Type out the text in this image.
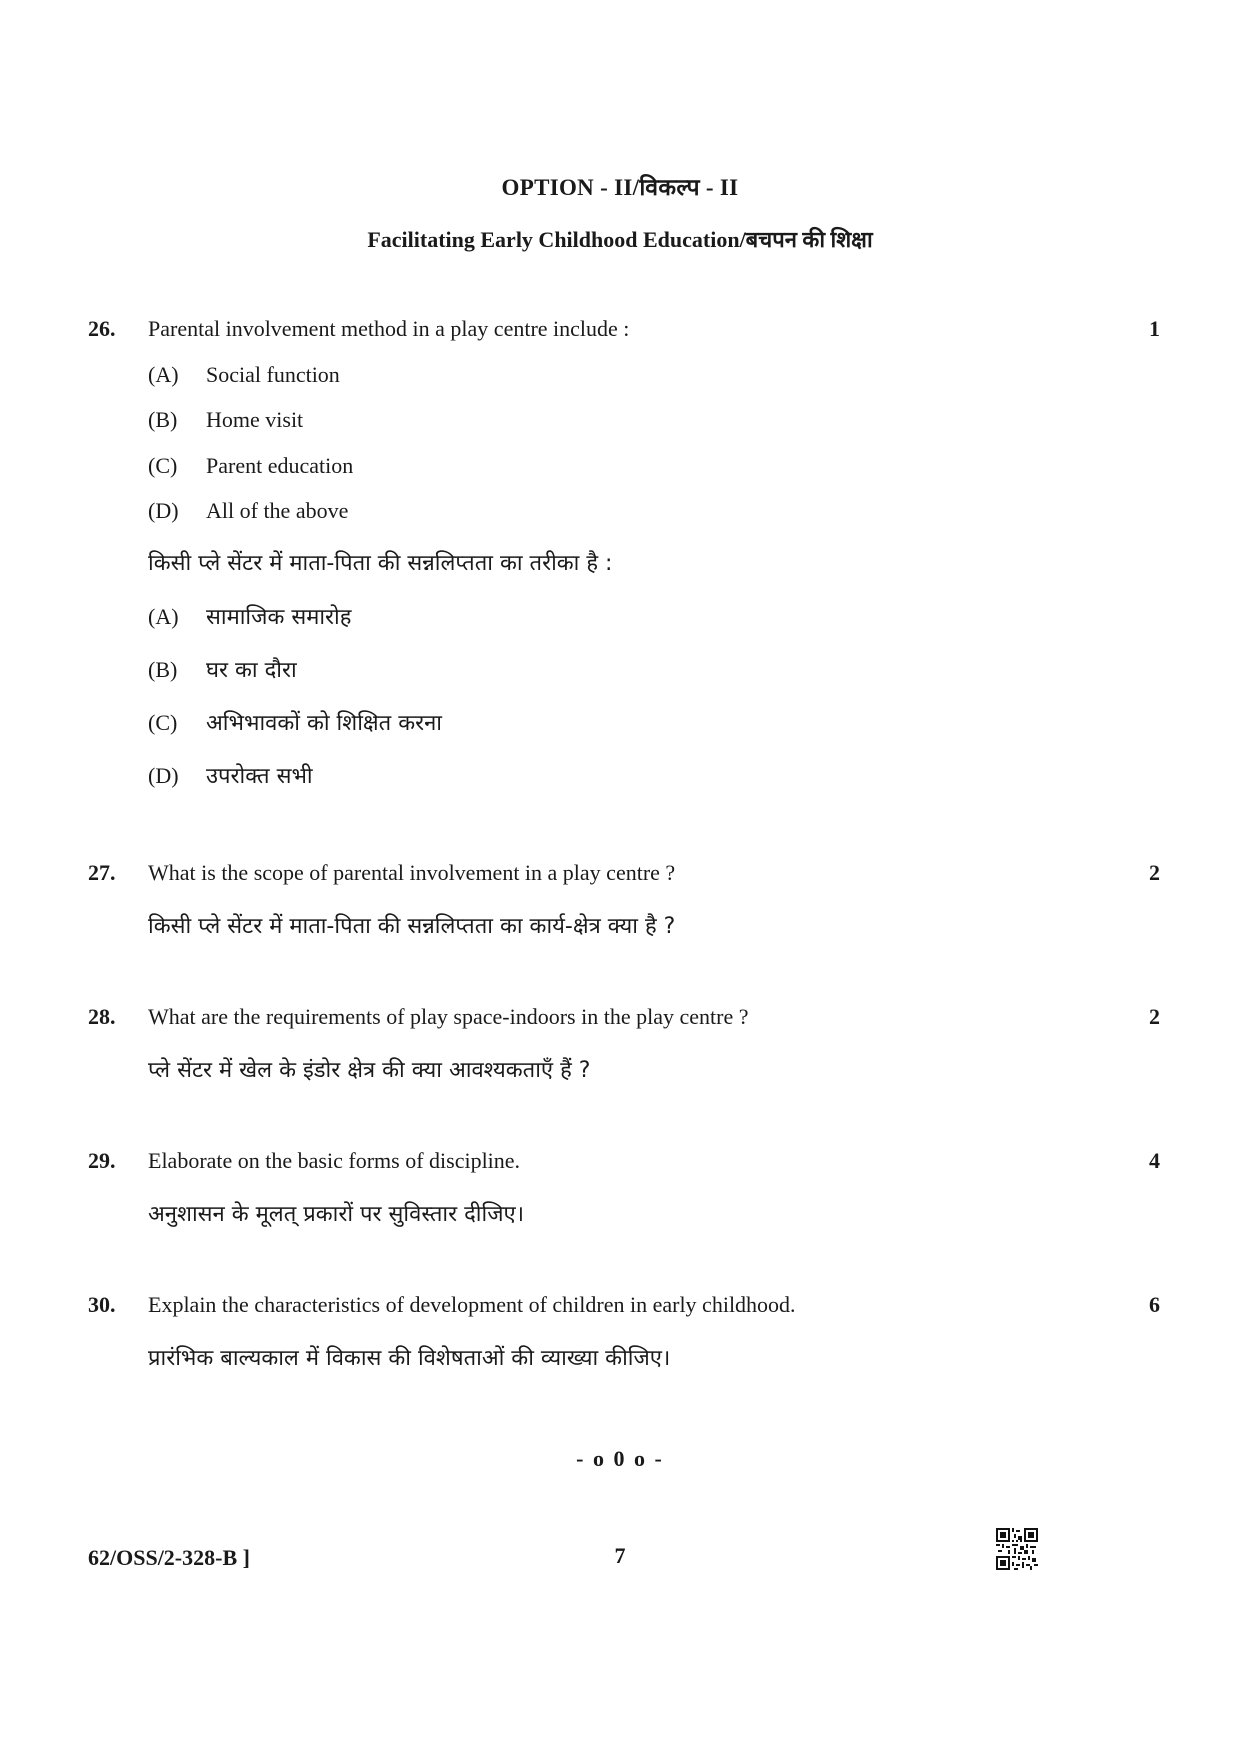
OPTION - II/विकल्प - II
Facilitating Early Childhood Education/बचपन की शिक्षा
26. Parental involvement method in a play centre include :	1
(A) Social function
(B) Home visit
(C) Parent education
(D) All of the above
किसी प्ले सेंटर में माता-पिता की सन्नलिप्तता का तरीका है :
(A) सामाजिक समारोह
(B) घर का दौरा
(C) अभिभावकों को शिक्षित करना
(D) उपरोक्त सभी
27. What is the scope of parental involvement in a play centre ?	2
किसी प्ले सेंटर में माता-पिता की सन्नलिप्तता का कार्य-क्षेत्र क्या है ?
28. What are the requirements of play space-indoors in the play centre ?	2
प्ले सेंटर में खेल के इंडोर क्षेत्र की क्या आवश्यकताएँ हैं ?
29. Elaborate on the basic forms of discipline.	4
अनुशासन के मूलत् प्रकारों पर सुविस्तार दीजिए।
30. Explain the characteristics of development of children in early childhood.	6
प्रारंभिक बाल्यकाल में विकास की विशेषताओं की व्याख्या कीजिए।
- o 0 o -
62/OSS/2-328-B ]	7
